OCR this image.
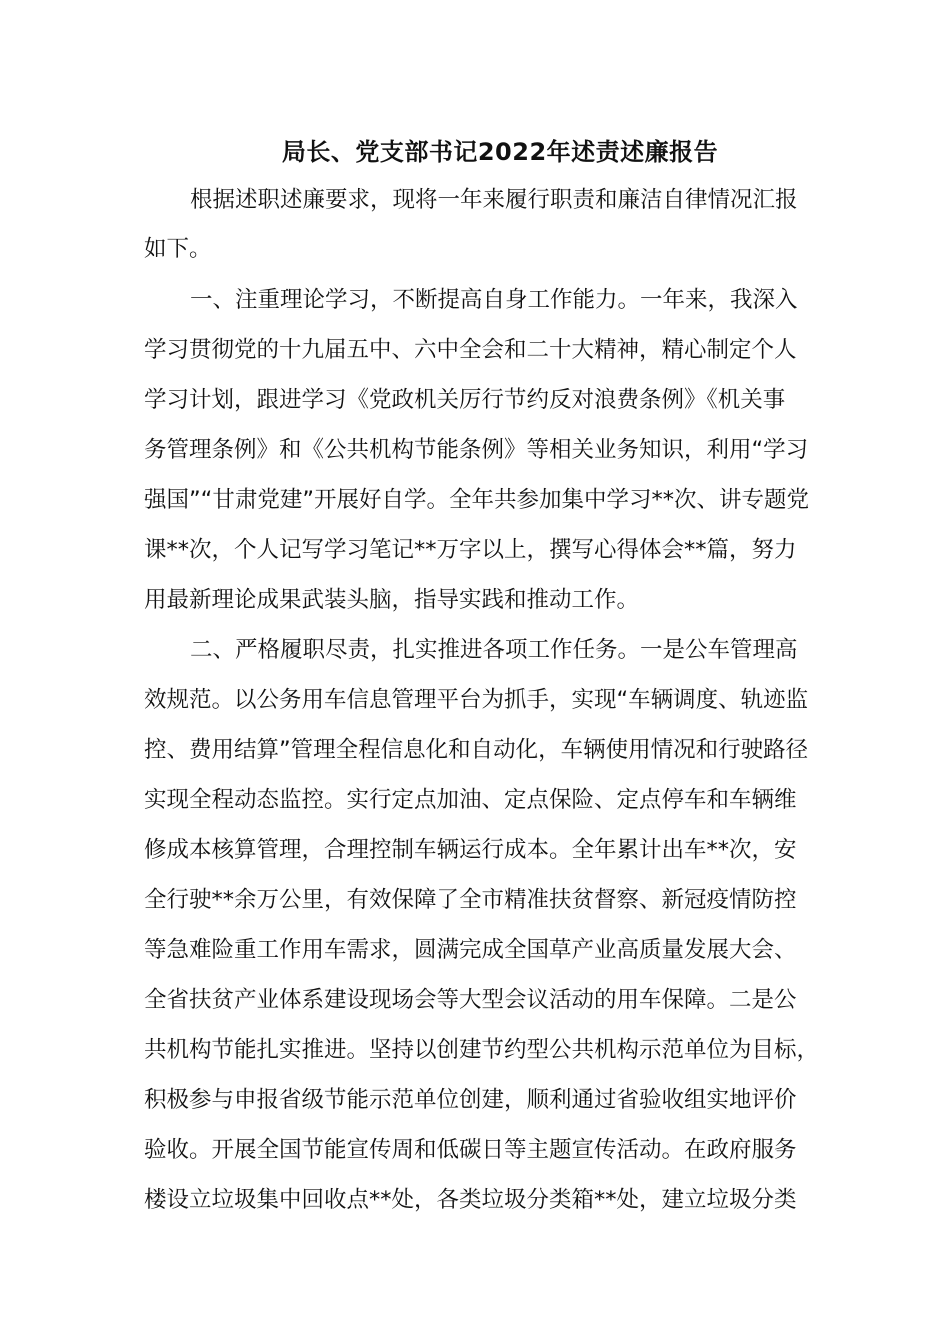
局长、党支部书记2022年述责述廉报告
根据述职述廉要求，现将一年来履行职责和廉洁自律情况汇报
如下。
一、注重理论学习，不断提高自身工作能力。一年来，我深入
学习贯彻党的十九届五中、六中全会和二十大精神，精心制定个人
学习计划，跟进学习《党政机关厉行节约反对浪费条例》《机关事
务管理条例》和《公共机构节能条例》等相关业务知识，利用“学习
强国”“甘肃党建”开展好自学。全年共参加集中学习**次、讲专题党
课**次，个人记写学习笔记**万字以上，撰写心得体会**篇，努力
用最新理论成果武装头脑，指导实践和推动工作。
二、严格履职尽责，扎实推进各项工作任务。一是公车管理高
效规范。以公务用车信息管理平台为抓手，实现“车辆调度、轨迹监
控、费用结算”管理全程信息化和自动化，车辆使用情况和行驶路径
实现全程动态监控。实行定点加油、定点保险、定点停车和车辆维
修成本核算管理，合理控制车辆运行成本。全年累计出车**次，安
全行驶**余万公里，有效保障了全市精准扶贫督察、新冠疫情防控
等急难险重工作用车需求，圆满完成全国草产业高质量发展大会、
全省扶贫产业体系建设现场会等大型会议活动的用车保障。二是公
共机构节能扎实推进。坚持以创建节约型公共机构示范单位为目标，
积极参与申报省级节能示范单位创建，顺利通过省验收组实地评价
验收。开展全国节能宣传周和低碳日等主题宣传活动。在政府服务
楼设立垃圾集中回收点**处，各类垃圾分类箱**处，建立垃圾分类
